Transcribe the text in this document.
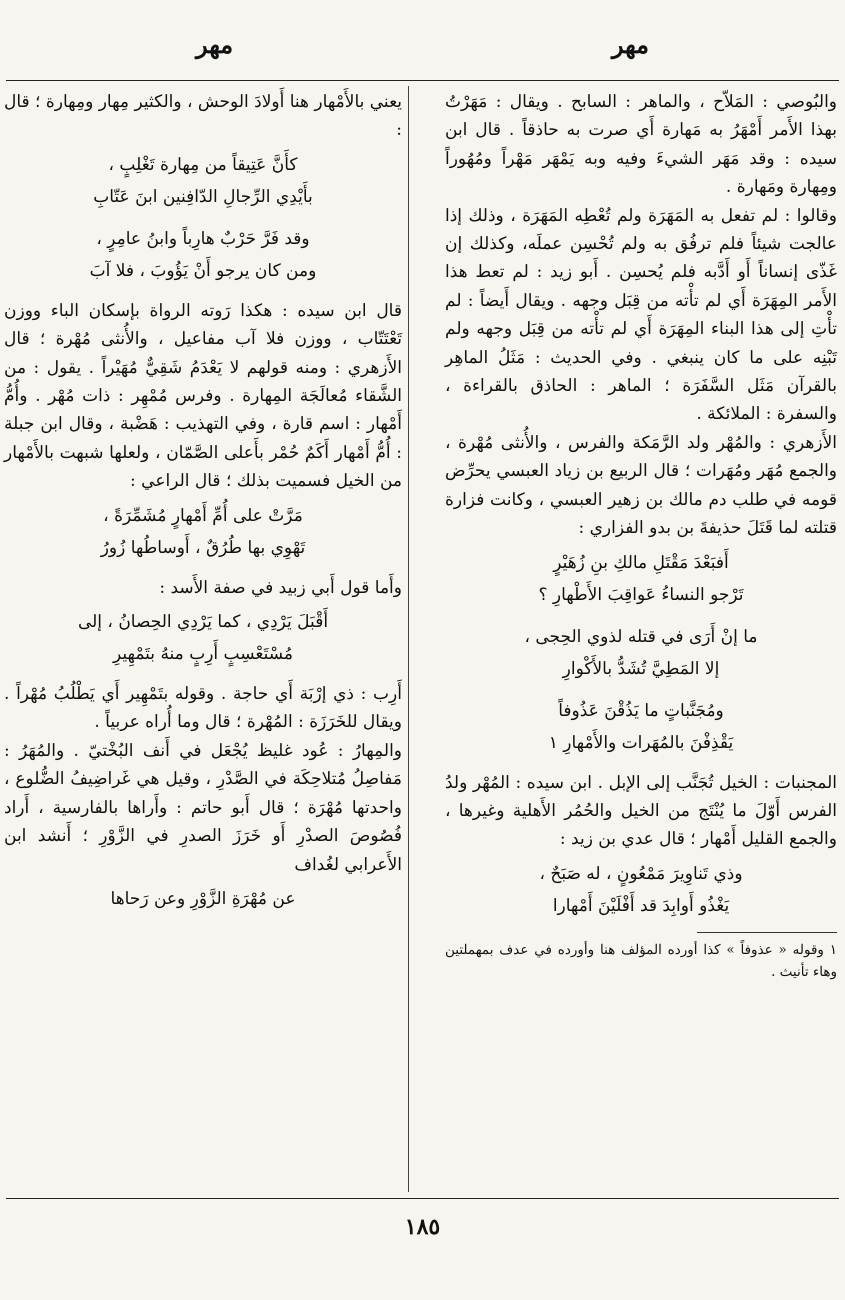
مهر
مهر

والبُوصي : المَلاّح ، والماهر : السابح . ويقال : مَهَرْتُ بهذا الأَمر أَمْهَرُ به مَهارة أَي صرت به حاذقاً . قال ابن سيده : وقد مَهَر الشيءَ وفيه وبه يَمْهَر مَهْراً ومُهُوراً ومِهارة ومَهارة .

وقالوا : لم تفعل به المَهَرَة ولم تُعْطِه المَهَرَة ، وذلك إذا عالجت شيئاً فلم ترفُق به ولم تُحْسِن عملَه، وكذلك إن غَذّى إنساناً أَو أَدَّبه فلم يُحسِن . أَبو زيد : لم تعط هذا الأَمر المِهَرَة أَي لم تأْته من قِبَل وجهه . ويقال أَيضاً : لم تأْتِ إلى هذا البناء المِهَرَة أَي لم تأْته من قِبَل وجهه ولم تَبْنِه على ما كان ينبغي . وفي الحديث : مَثَلُ الماهِر بالقرآن مَثَل السَّفَرَة ؛ الماهر : الحاذق بالقراءة ، والسفرة : الملائكة .

الأَزهري : والمُهْر ولد الرَّمَكة والفرس ، والأُنثى مُهْرة ، والجمع مُهَر ومُهَرات ؛ قال الربيع بن زياد العبسي يحرِّض قومه في طلب دم مالك بن زهير العبسي ، وكانت فزارة قتلته لما قَتَلَ حذيفةَ بن بدو الفزاري :

أَفبَعْدَ مَقْتَلِ مالكِ بنِ زُهَيْرٍ
تَرْجو النساءُ عَواقِبَ الأَطْهارِ ؟
ما إنْ أَرَى في قتله لذوي الحِجى ،
إلا المَطِيَّ تُشَدُّ بالأَكْوارِ
ومُجَنَّباتٍ ما يَذُقْنَ عَذُوفاً
يَقْذِفْنَ بالمُهَرات والأَمْهارِ ١

المجنبات : الخيل تُجَنَّب إلى الإبل . ابن سيده : المُهْر ولدُ الفرس أَوّلَ ما يُنْتَج من الخيل والحُمُر الأَهلية وغيرها ، والجمع القليل أَمْهار ؛ قال عدي بن زيد :

وذي تَناوِيرَ مَمْعُونٍ ، له صَبَحٌ ،
يَغْذُو أَوابِدَ قد أَفْلَيْنَ أَمْهارا

١ وقوله « عذوفاً » كذا أورده المؤلف هنا وأورده في عدف بمهملتين وهاء تأنيث .

يعني بالأَمْهار هنا أَولادَ الوحش ، والكثير مِهار ومِهارة ؛ قال :

كأَنَّ عَتِيقاً من مِهارة تَغْلِبٍ ،
بأَيْدِي الرِّجالِ الدّافِنين ابنَ عَتّابِ
وقد فَرَّ حَرْبٌ هارِباً وابنُ عامِرٍ ،
ومن كان يرجو أَنْ يَؤُوبَ ، فلا آبَ

قال ابن سيده : هكذا رَوته الرواة بإسكان الباء ووزن تَعْتَتّاب ، ووزن فلا آب مفاعيل ، والأُنثى مُهْرة ؛ قال الأَزهري : ومنه قولهم لا يَعْدَمُ شَقِيٌّ مُهَيْراً . يقول : من الشَّقاء مُعالَجَة المِهارة . وفرس مُمْهِر : ذات مُهْر . وأُمُّ أَمْهار : اسم قارة ، وفي التهذيب : هَضْبة ، وقال ابن جبلة : أُمُّ أَمْهار أَكَمٌ حُمْر بأَعلى الصَّمّان ، ولعلها شبهت بالأَمْهار من الخيل فسميت بذلك ؛ قال الراعي :

مَرَّتْ على أُمِّ أَمْهارٍ مُشَمِّرَةً ،
تَهْوِي بها طُرُقٌ ، أَوساطُها زُورُ

وأَما قول أَبي زبيد في صفة الأَسد :

أَقْبَلَ يَرْدِي ، كما يَرْدِي الحِصانُ ، إلى
مُسْتَعْسِبٍ أَرِبٍ منهُ بتَمْهِيرِ

أَرِب : ذي إرْبَة أَي حاجة . وقوله بتَمْهِير أَي يَطْلُبُ مُهْراً . ويقال للخَرَزَة : المُهْرة ؛ قال وما أُراه عربياً .

والمِهارُ : عُود غليظ يُجْعَل في أَنف البُخْتيّ . والمُهَرُ : مَفاصِلُ مُتلاحِكَة في الصَّدْرِ ، وقيل هي غَراضِيفُ الضُّلوع ، واحدتها مُهْرَة ؛ قال أَبو حاتم : وأَراها بالفارسية ، أَراد فُصُوصَ الصدْرِ أَو خَرَزَ الصدرِ في الزَّوْرِ ؛ أَنشد ابن الأَعرابي لغُداف

عن مُهْرَةِ الزَّوْرِ وعن رَحاها
١٨٥
